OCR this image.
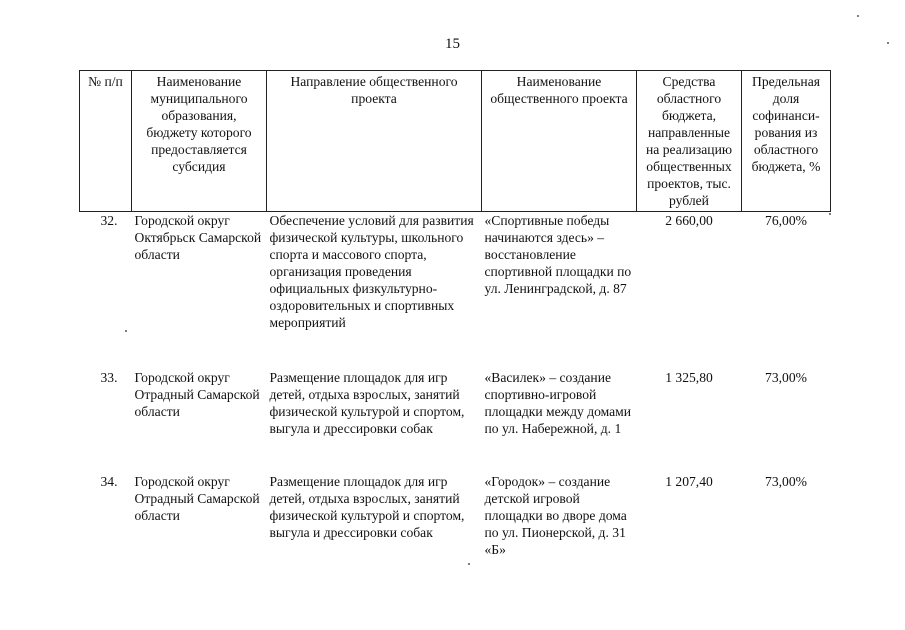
15
№ п/п	Наименование муниципального образования, бюджету которого предоставляется субсидия	Направление общественного проекта	Наименование общественного проекта	Средства областного бюджета, направленные на реализацию общественных проектов, тыс. рублей	Предельная доля софинанси-рования из областного бюджета, %
32.	Городской округ Октябрьск Самарской области	Обеспечение условий для развития физической культуры, школьного спорта и массового спорта, организация проведения официальных физкультурно-оздоровительных и спортивных мероприятий	«Спортивные победы начинаются здесь» – восстановление спортивной площадки по ул. Ленинградской, д. 87	2 660,00	76,00%
33.	Городской округ Отрадный Самарской области	Размещение площадок для игр детей, отдыха взрослых, занятий физической культурой и спортом, выгула и дрессировки собак	«Василек» – создание спортивно-игровой площадки между домами по ул. Набережной, д. 1	1 325,80	73,00%
34.	Городской округ Отрадный Самарской области	Размещение площадок для игр детей, отдыха взрослых, занятий физической культурой и спортом, выгула и дрессировки собак	«Городок» – создание детской игровой площадки во дворе дома по ул. Пионерской, д. 31 «Б»	1 207,40	73,00%
